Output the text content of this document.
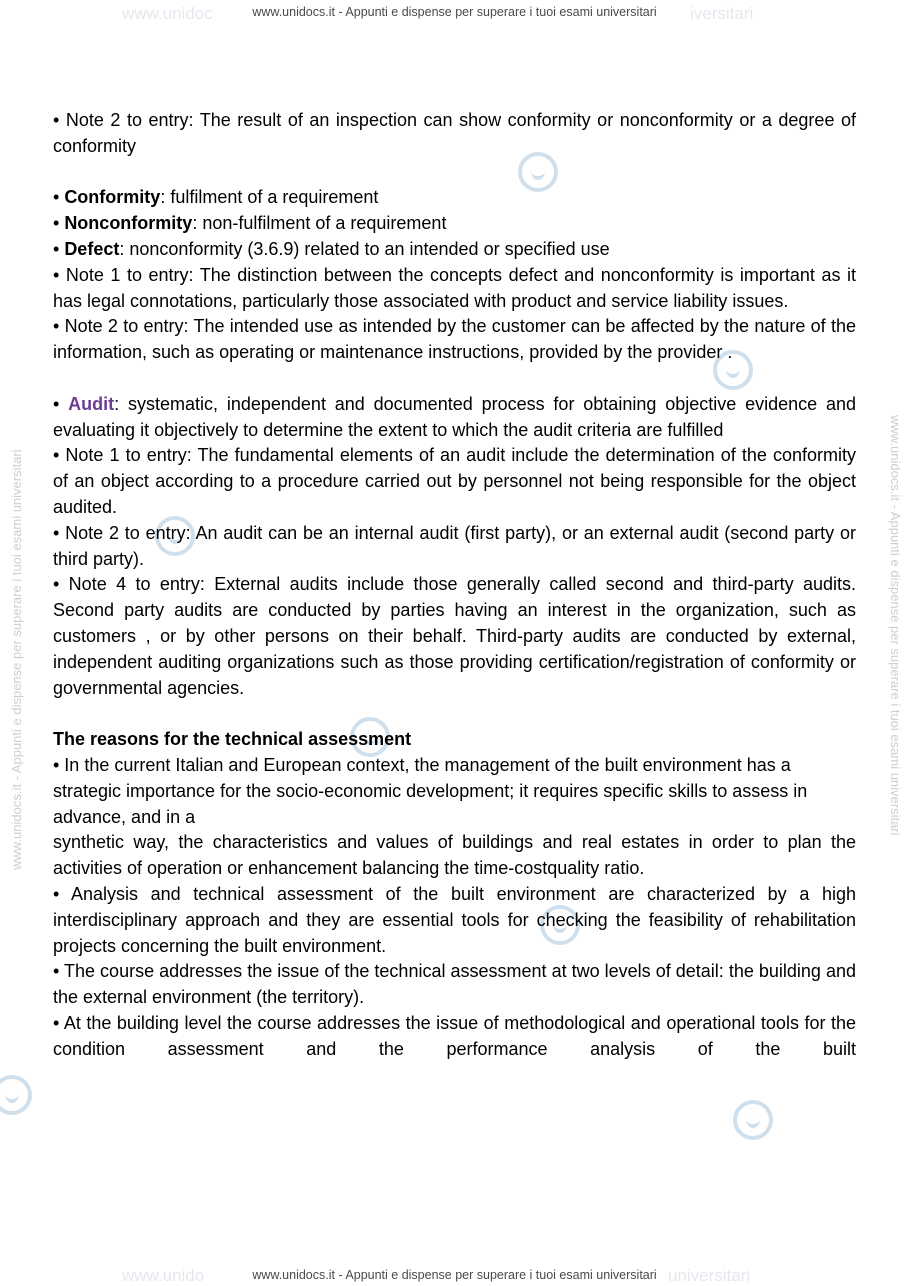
www.unidoc	iversitari
www.unidocs.it - Appunti e dispense per superare i tuoi esami universitari
www.unidocs.it - Appunti e dispense per superare i tuoi esami universitari	www.unidocs.it - Appunti e dispense per superare i tuoi esami universitari

• Note 2 to entry: The result of an inspection can show conformity or nonconformity or a degree of conformity

• Conformity: fulfilment of a requirement

• Nonconformity: non-fulfilment of a requirement

• Defect: nonconformity (3.6.9) related to an intended or specified use

• Note 1 to entry: The distinction between the concepts defect and nonconformity is important as it has legal connotations, particularly those associated with product and service liability issues.

• Note 2 to entry: The intended use as intended by the customer can be affected by the nature of the information, such as operating or maintenance instructions, provided by the provider .

• Audit: systematic, independent and documented process for obtaining objective evidence and evaluating it objectively to determine the extent to which the audit criteria are fulfilled

• Note 1 to entry: The fundamental elements of an audit include the determination of the conformity of an object according to a procedure carried out by personnel not being responsible for the object audited.

• Note 2 to entry: An audit can be an internal audit (first party), or an external audit (second party or third party).

• Note 4 to entry: External audits include those generally called second and third-party audits. Second party audits are conducted by parties having an interest in the organization, such as customers , or by other persons on their behalf. Third-party audits are conducted by external, independent auditing organizations such as those providing certification/registration of conformity or governmental agencies.

The reasons for the technical assessment

• In the current Italian and European context, the management of the built environment has a strategic importance for the socio-economic development; it requires specific skills to assess in advance, and in a

synthetic way, the characteristics and values of buildings and real estates in order to plan the activities of operation or enhancement balancing the time-costquality ratio.

• Analysis and technical assessment of the built environment are characterized by a high interdisciplinary approach and they are essential tools for checking the feasibility of rehabilitation projects concerning the built environment.

• The course addresses the issue of the technical assessment at two levels of detail: the building and the external environment (the territory).

• At the building level the course addresses the issue of methodological and operational tools for the condition assessment and the performance analysis of the built

www.unido	universitari
www.unidocs.it - Appunti e dispense per superare i tuoi esami universitari
